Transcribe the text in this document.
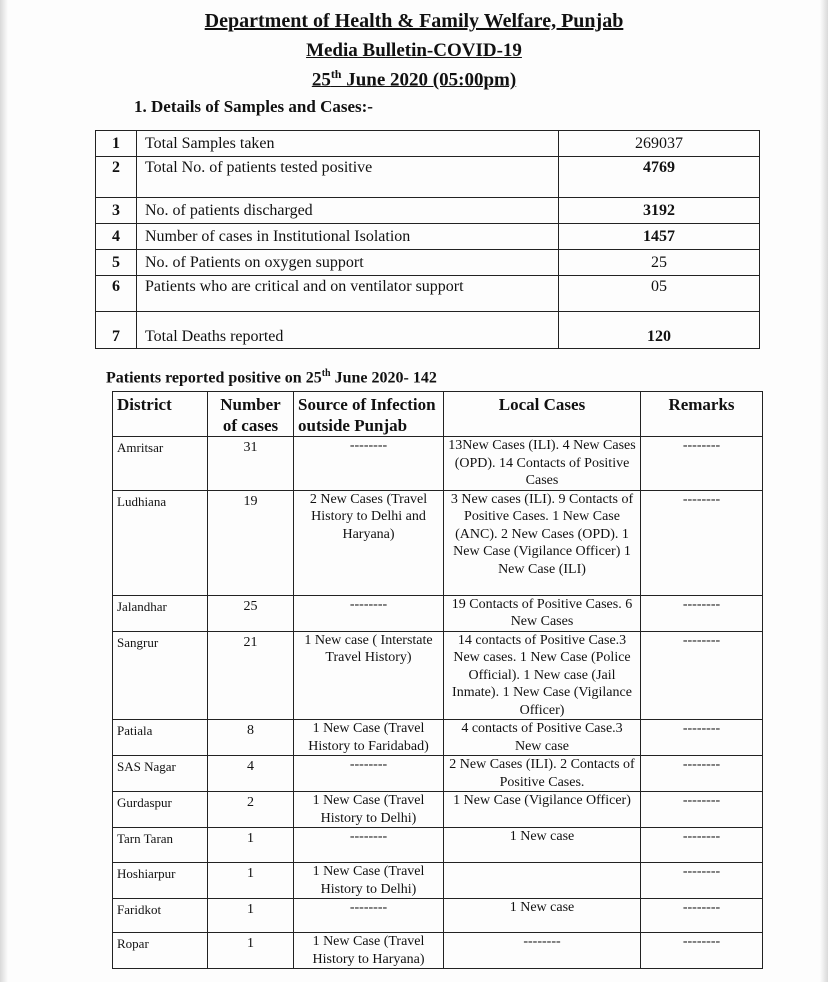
Department of Health & Family Welfare, Punjab
Media Bulletin-COVID-19
25th June 2020 (05:00pm)
1. Details of Samples and Cases:-
1	Total Samples taken	269037
2	Total No. of patients tested positive	4769
3	No. of patients discharged	3192
4	Number of cases in Institutional Isolation	1457
5	No. of Patients on oxygen support	25
6	Patients who are critical and on ventilator support	05
7	Total Deaths reported	120
Patients reported positive on 25th June 2020- 142
District	Number of cases	Source of Infection outside Punjab	Local Cases	Remarks
Amritsar	31	--------	13New Cases (ILI). 4 New Cases (OPD). 14 Contacts of Positive Cases	--------
Ludhiana	19	2 New Cases (Travel History to Delhi and Haryana)	3 New cases (ILI). 9 Contacts of Positive Cases. 1 New Case (ANC). 2 New Cases (OPD). 1 New Case (Vigilance Officer) 1 New Case (ILI)	--------
Jalandhar	25	--------	19 Contacts of Positive Cases. 6 New Cases	--------
Sangrur	21	1 New case ( Interstate Travel History)	14 contacts of Positive Case.3 New cases. 1 New Case (Police Official). 1 New case (Jail Inmate). 1 New Case (Vigilance Officer)	--------
Patiala	8	1 New Case (Travel History to Faridabad)	4 contacts of Positive Case.3 New case	--------
SAS Nagar	4	--------	2 New Cases (ILI). 2 Contacts of Positive Cases.	--------
Gurdaspur	2	1 New Case (Travel History to Delhi)	1 New Case (Vigilance Officer)	--------
Tarn Taran	1	--------	1 New case	--------
Hoshiarpur	1	1 New Case (Travel History to Delhi)		--------
Faridkot	1	--------	1 New case	--------
Ropar	1	1 New Case (Travel History to Haryana)	--------	--------
